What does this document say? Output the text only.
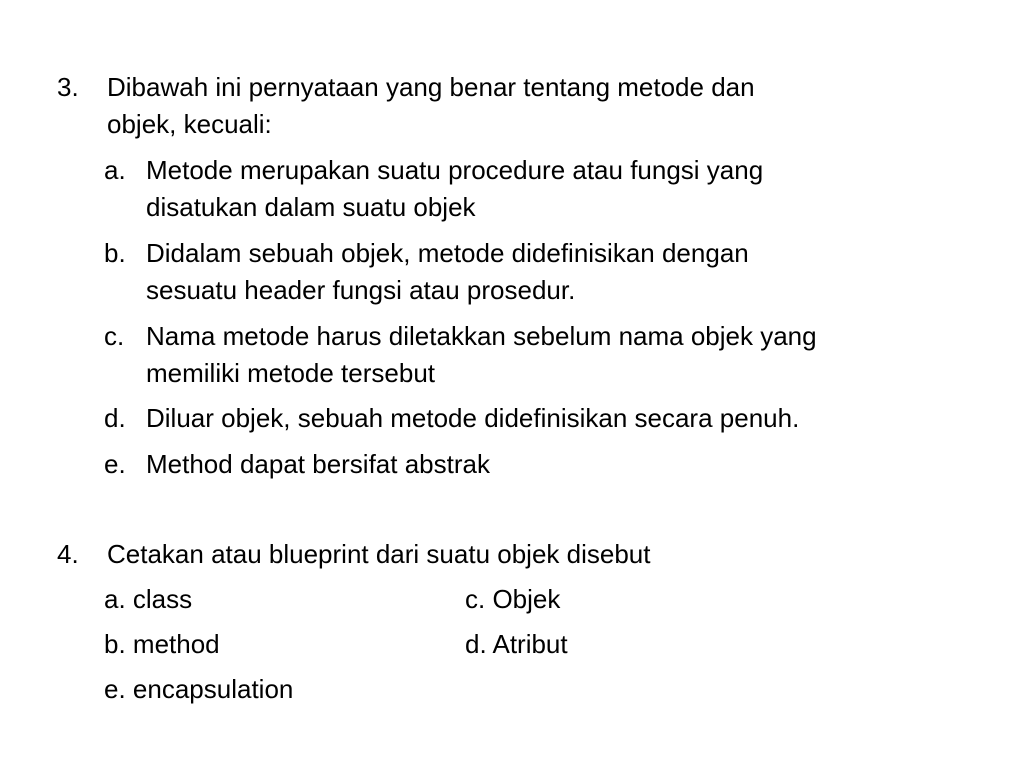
3. Dibawah ini pernyataan yang benar tentang metode dan
objek, kecuali:
a. Metode merupakan suatu procedure atau fungsi yang
disatukan dalam suatu objek
b. Didalam sebuah objek, metode didefinisikan dengan
sesuatu header fungsi atau prosedur.
c. Nama metode harus diletakkan sebelum nama objek yang
memiliki metode tersebut
d. Diluar objek, sebuah metode didefinisikan secara penuh.
e. Method dapat bersifat abstrak
4. Cetakan atau blueprint dari suatu objek disebut
a. class	c. Objek
b. method	d. Atribut
e. encapsulation
